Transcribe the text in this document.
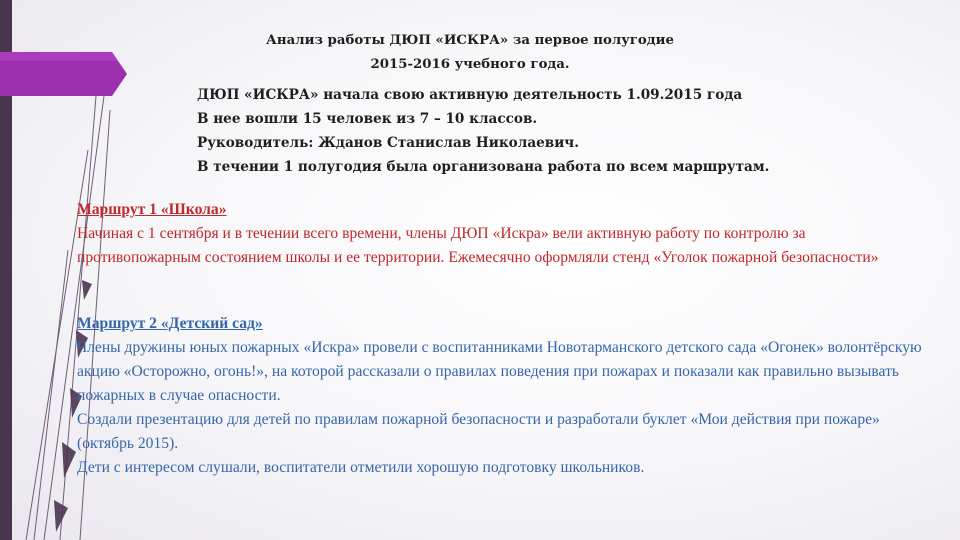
Анализ работы ДЮП «ИСКРА» за первое полугодие
2015-2016 учебного года.
ДЮП «ИСКРА» начала свою активную деятельность 1.09.2015 года
В нее вошли 15 человек из 7 – 10 классов.
Руководитель: Жданов Станислав Николаевич.
В течении 1 полугодия была организована работа по всем маршрутам.
Маршрут 1 «Школа»

Начиная с 1 сентября и в течении всего времени, члены ДЮП «Искра» вели активную работу по контролю за противопожарным состоянием школы и ее территории. Ежемесячно оформляли стенд «Уголок пожарной безопасности»

Маршрут 2 «Детский сад»

Члены дружины юных пожарных «Искра» провели с воспитанниками Новотарманского детского сада «Огонек» волонтёрскую акцию «Осторожно, огонь!», на которой рассказали о правилах поведения при пожарах и показали как правильно вызывать пожарных в случае опасности.

Создали презентацию для детей по правилам пожарной безопасности и разработали буклет «Мои действия при пожаре» (октябрь 2015).

Дети с интересом слушали, воспитатели отметили хорошую подготовку школьников.
